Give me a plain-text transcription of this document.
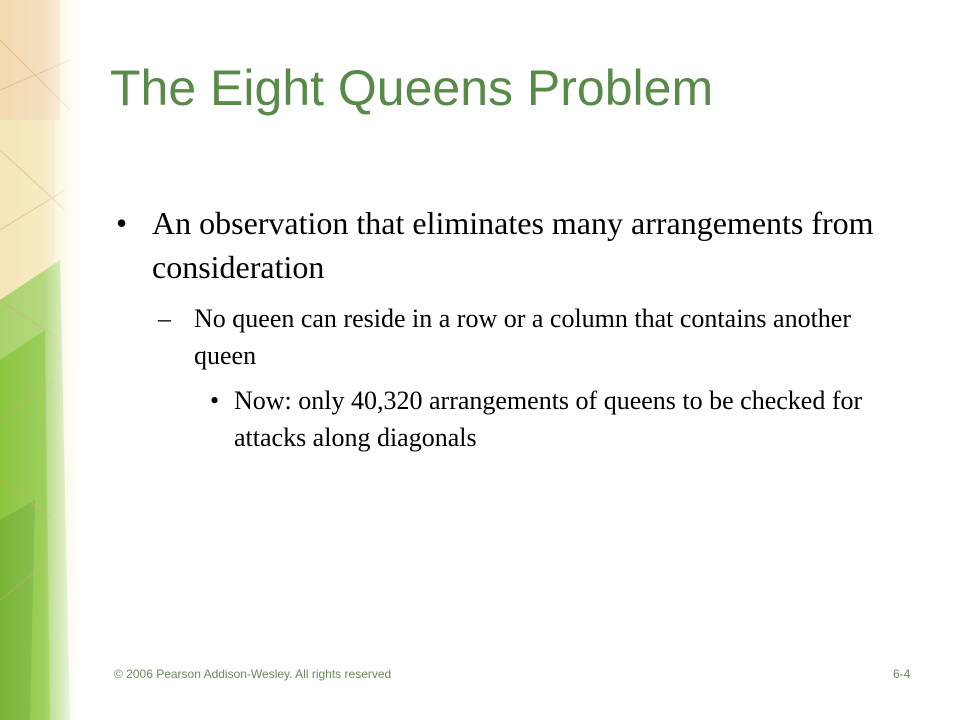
The Eight Queens Problem
• An observation that eliminates many arrangements from consideration
– No queen can reside in a row or a column that contains another queen
• Now: only 40,320 arrangements of queens to be checked for attacks along diagonals
© 2006 Pearson Addison-Wesley. All rights reserved	6-4
